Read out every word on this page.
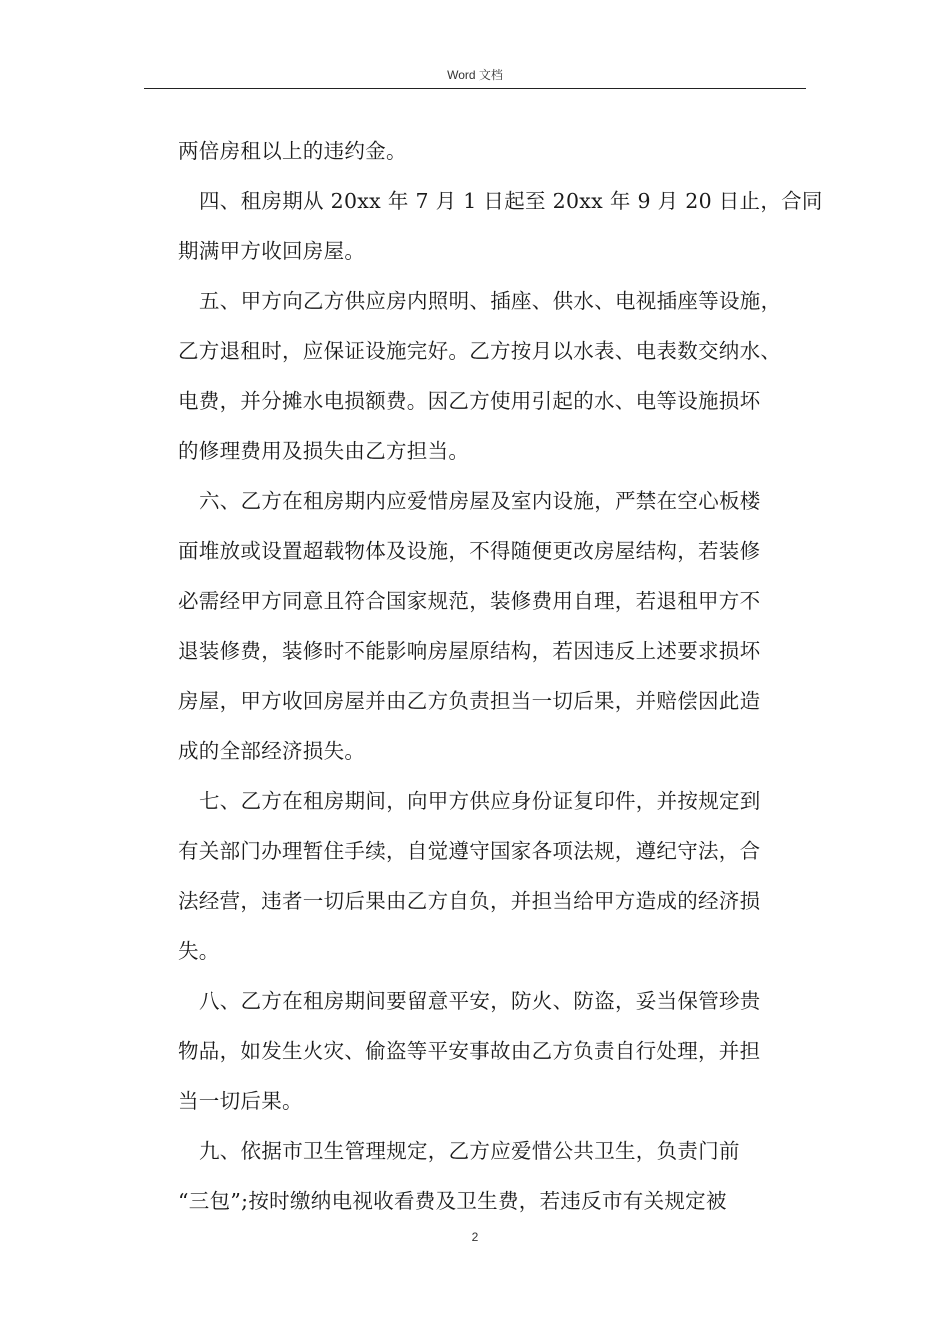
Word 文档
两倍房租以上的违约金。
四、租房期从 20xx 年 7 月 1 日起至 20xx 年 9 月 20 日止，合同
期满甲方收回房屋。
五、甲方向乙方供应房内照明、插座、供水、电视插座等设施，
乙方退租时，应保证设施完好。乙方按月以水表、电表数交纳水、
电费，并分摊水电损额费。因乙方使用引起的水、电等设施损坏
的修理费用及损失由乙方担当。
六、乙方在租房期内应爱惜房屋及室内设施，严禁在空心板楼
面堆放或设置超载物体及设施，不得随便更改房屋结构，若装修
必需经甲方同意且符合国家规范，装修费用自理，若退租甲方不
退装修费，装修时不能影响房屋原结构，若因违反上述要求损坏
房屋，甲方收回房屋并由乙方负责担当一切后果，并赔偿因此造
成的全部经济损失。
七、乙方在租房期间，向甲方供应身份证复印件，并按规定到
有关部门办理暂住手续，自觉遵守国家各项法规，遵纪守法，合
法经营，违者一切后果由乙方自负，并担当给甲方造成的经济损
失。
八、乙方在租房期间要留意平安，防火、防盗，妥当保管珍贵
物品，如发生火灾、偷盗等平安事故由乙方负责自行处理，并担
当一切后果。
九、依据市卫生管理规定，乙方应爱惜公共卫生，负责门前
“三包”;按时缴纳电视收看费及卫生费，若违反市有关规定被
2
